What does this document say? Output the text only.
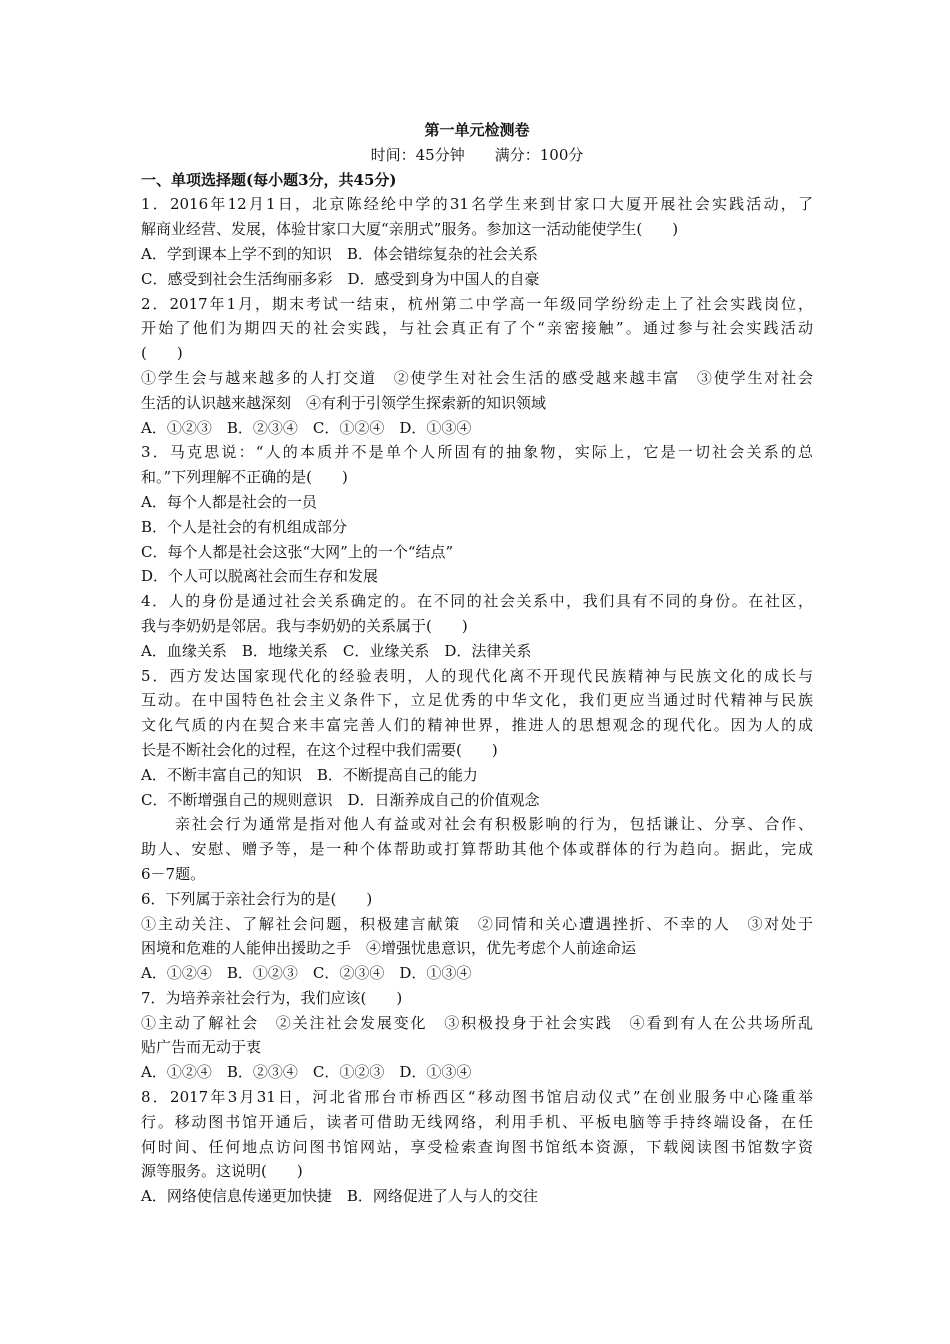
第一单元检测卷

时间：45分钟　　满分：100分

一、单项选择题(每小题3分，共45分)

1．2016年12月1日，北京陈经纶中学的31名学生来到甘家口大厦开展社会实践活动，了

解商业经营、发展，体验甘家口大厦“亲朋式”服务。参加这一活动能使学生(　　)

A．学到课本上学不到的知识　B．体会错综复杂的社会关系

C．感受到社会生活绚丽多彩　D．感受到身为中国人的自豪

2．2017年1月，期末考试一结束，杭州第二中学高一年级同学纷纷走上了社会实践岗位，

开始了他们为期四天的社会实践，与社会真正有了个“亲密接触”。通过参与社会实践活动

(　　)

①学生会与越来越多的人打交道　②使学生对社会生活的感受越来越丰富　③使学生对社会

生活的认识越来越深刻　④有利于引领学生探索新的知识领域

A．①②③　B．②③④　C．①②④　D．①③④

3．马克思说：“人的本质并不是单个人所固有的抽象物，实际上，它是一切社会关系的总

和。”下列理解不正确的是(　　)

A．每个人都是社会的一员

B．个人是社会的有机组成部分

C．每个人都是社会这张“大网”上的一个“结点”

D．个人可以脱离社会而生存和发展

4．人的身份是通过社会关系确定的。在不同的社会关系中，我们具有不同的身份。在社区，

我与李奶奶是邻居。我与李奶奶的关系属于(　　)

A．血缘关系　B．地缘关系　C．业缘关系　D．法律关系

5．西方发达国家现代化的经验表明，人的现代化离不开现代民族精神与民族文化的成长与

互动。在中国特色社会主义条件下，立足优秀的中华文化，我们更应当通过时代精神与民族

文化气质的内在契合来丰富完善人们的精神世界，推进人的思想观念的现代化。因为人的成

长是不断社会化的过程，在这个过程中我们需要(　　)

A．不断丰富自己的知识　B．不断提高自己的能力

C．不断增强自己的规则意识　D．日渐养成自己的价值观念

亲社会行为通常是指对他人有益或对社会有积极影响的行为，包括谦让、分享、合作、

助人、安慰、赠予等，是一种个体帮助或打算帮助其他个体或群体的行为趋向。据此，完成

6－7题。

6．下列属于亲社会行为的是(　　)

①主动关注、了解社会问题，积极建言献策　②同情和关心遭遇挫折、不幸的人　③对处于

困境和危难的人能伸出援助之手　④增强忧患意识，优先考虑个人前途命运

A．①②④　B．①②③　C．②③④　D．①③④

7．为培养亲社会行为，我们应该(　　)

①主动了解社会　②关注社会发展变化　③积极投身于社会实践　④看到有人在公共场所乱

贴广告而无动于衷

A．①②④　B．②③④　C．①②③　D．①③④

8．2017年3月31日，河北省邢台市桥西区“移动图书馆启动仪式”在创业服务中心隆重举

行。移动图书馆开通后，读者可借助无线网络，利用手机、平板电脑等手持终端设备，在任

何时间、任何地点访问图书馆网站，享受检索查询图书馆纸本资源，下载阅读图书馆数字资

源等服务。这说明(　　)

A．网络使信息传递更加快捷　B．网络促进了人与人的交往
